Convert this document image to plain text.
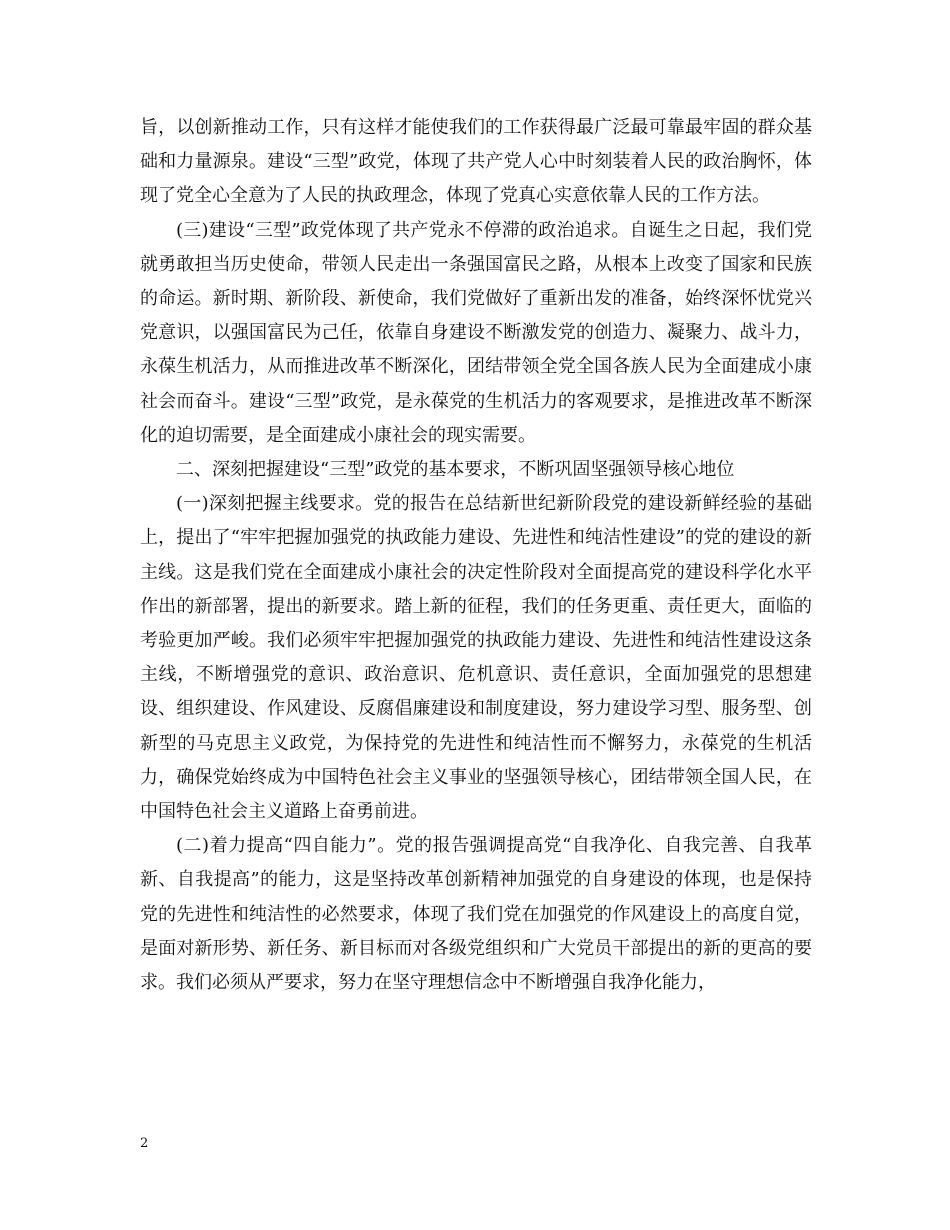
旨，以创新推动工作，只有这样才能使我们的工作获得最广泛最可靠最牢固的群众基础和力量源泉。建设“三型”政党，体现了共产党人心中时刻装着人民的政治胸怀，体现了党全心全意为了人民的执政理念，体现了党真心实意依靠人民的工作方法。

(三)建设“三型”政党体现了共产党永不停滞的政治追求。自诞生之日起，我们党就勇敢担当历史使命，带领人民走出一条强国富民之路，从根本上改变了国家和民族的命运。新时期、新阶段、新使命，我们党做好了重新出发的准备，始终深怀忧党兴党意识，以强国富民为己任，依靠自身建设不断激发党的创造力、凝聚力、战斗力，永葆生机活力，从而推进改革不断深化，团结带领全党全国各族人民为全面建成小康社会而奋斗。建设“三型”政党，是永葆党的生机活力的客观要求，是推进改革不断深化的迫切需要，是全面建成小康社会的现实需要。

二、深刻把握建设“三型”政党的基本要求，不断巩固坚强领导核心地位

(一)深刻把握主线要求。党的报告在总结新世纪新阶段党的建设新鲜经验的基础上，提出了“牢牢把握加强党的执政能力建设、先进性和纯洁性建设”的党的建设的新主线。这是我们党在全面建成小康社会的决定性阶段对全面提高党的建设科学化水平作出的新部署，提出的新要求。踏上新的征程，我们的任务更重、责任更大，面临的考验更加严峻。我们必须牢牢把握加强党的执政能力建设、先进性和纯洁性建设这条主线，不断增强党的意识、政治意识、危机意识、责任意识，全面加强党的思想建设、组织建设、作风建设、反腐倡廉建设和制度建设，努力建设学习型、服务型、创新型的马克思主义政党，为保持党的先进性和纯洁性而不懈努力，永葆党的生机活力，确保党始终成为中国特色社会主义事业的坚强领导核心，团结带领全国人民，在中国特色社会主义道路上奋勇前进。

(二)着力提高“四自能力”。党的报告强调提高党“自我净化、自我完善、自我革新、自我提高”的能力，这是坚持改革创新精神加强党的自身建设的体现，也是保持党的先进性和纯洁性的必然要求，体现了我们党在加强党的作风建设上的高度自觉，是面对新形势、新任务、新目标而对各级党组织和广大党员干部提出的新的更高的要求。我们必须从严要求，努力在坚守理想信念中不断增强自我净化能力，

2
